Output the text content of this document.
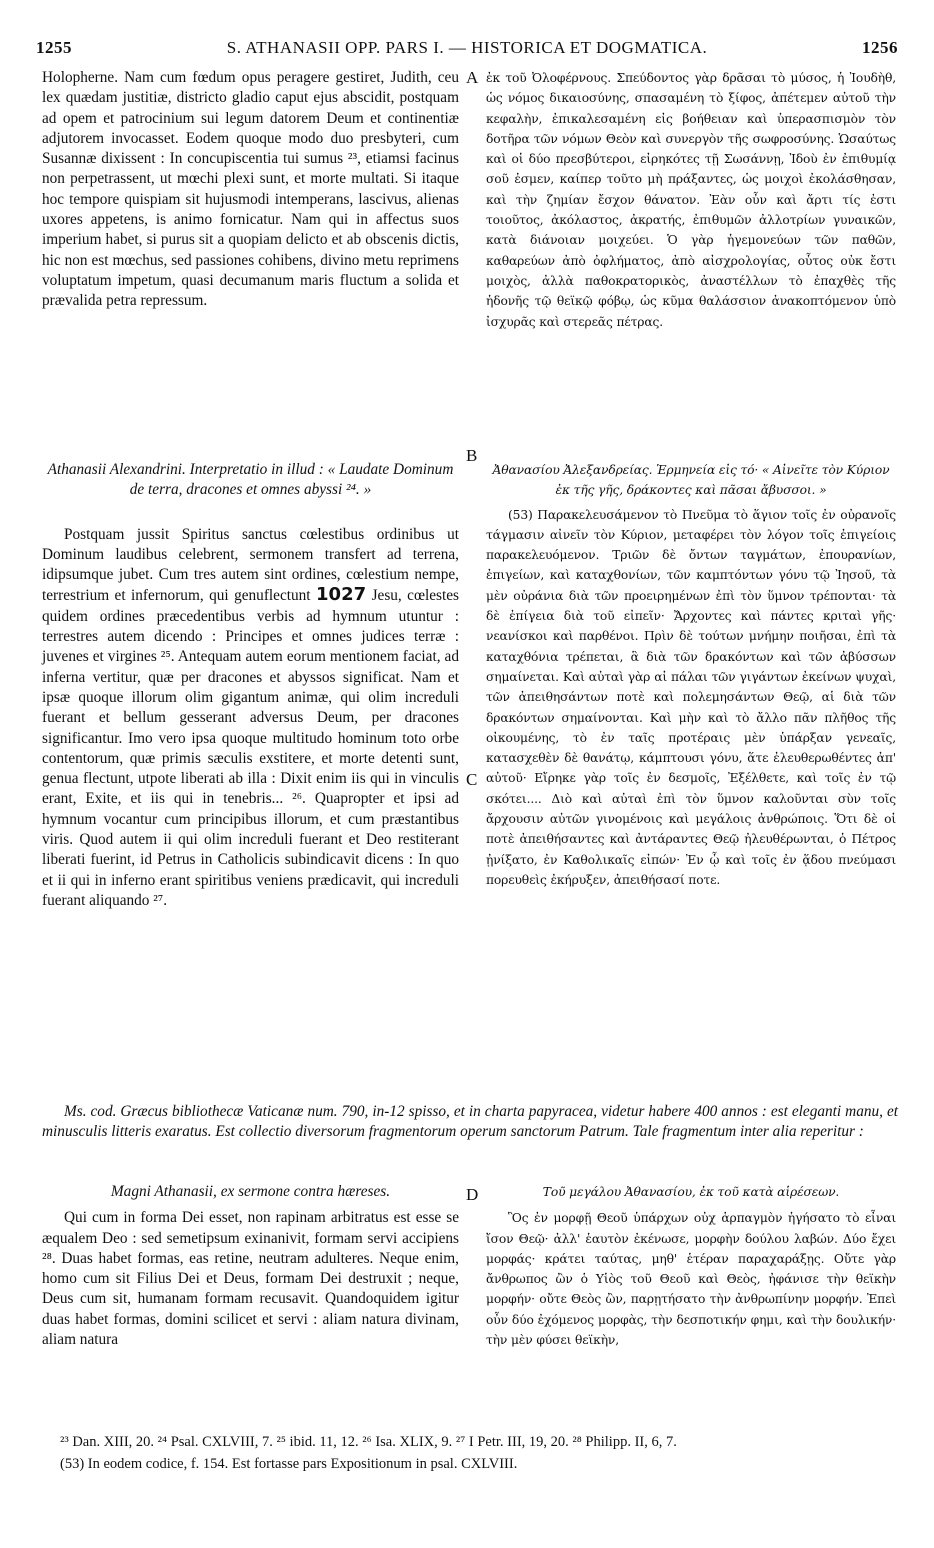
1255	S. ATHANASII OPP. PARS I. — HISTORICA ET DOGMATICA.	1256
A
B
C
D

Holopherne. Nam cum fœdum opus peragere gestiret, Judith, ceu lex quædam justitiæ, districto gladio caput ejus abscidit, postquam ad opem et patrocinium sui legum datorem Deum et continentiæ adjutorem invocasset. Eodem quoque modo duo presbyteri, cum Susannæ dixissent : In concupiscentia tui sumus ²³, etiamsi facinus non perpetrassent, ut mœchi plexi sunt, et morte multati. Si itaque hoc tempore quispiam sit hujusmodi intemperans, lascivus, alienas uxores appetens, is animo fornicatur. Nam qui in affectus suos imperium habet, si purus sit a quopiam delicto et ab obscenis dictis, hic non est mœchus, sed passiones cohibens, divino metu reprimens voluptatum impetum, quasi decumanum maris fluctum a solida et prævalida petra repressum.

ἐκ τοῦ Ὀλοφέρνους. Σπεύδοντος γὰρ δρᾶσαι τὸ μύσος, ἡ Ἰουδὴθ, ὡς νόμος δικαιοσύνης, σπασαμένη τὸ ξίφος, ἀπέτεμεν αὐτοῦ τὴν κεφαλὴν, ἐπικαλεσαμένη εἰς βοήθειαν καὶ ὑπερασπισμὸν τὸν δοτῆρα τῶν νόμων Θεὸν καὶ συνεργὸν τῆς σωφροσύνης. Ὡσαύτως καὶ οἱ δύο πρεσβύτεροι, εἰρηκότες τῇ Σωσάννῃ, Ἰδοὺ ἐν ἐπιθυμίᾳ σοῦ ἐσμεν, καίπερ τοῦτο μὴ πράξαντες, ὡς μοιχοὶ ἐκολάσθησαν, καὶ τὴν ζημίαν ἔσχον θάνατον. Ἐὰν οὖν καὶ ἄρτι τίς ἐστι τοιοῦτος, ἀκόλαστος, ἀκρατής, ἐπιθυμῶν ἀλλοτρίων γυναικῶν, κατὰ διάνοιαν μοιχεύει. Ὁ γὰρ ἡγεμονεύων τῶν παθῶν, καθαρεύων ἀπὸ ὀφλήματος, ἀπὸ αἰσχρολογίας, οὗτος οὐκ ἔστι μοιχὸς, ἀλλὰ παθοκρατορικὸς, ἀναστέλλων τὸ ἐπαχθὲς τῆς ἡδονῆς τῷ θεϊκῷ φόβῳ, ὡς κῦμα θαλάσσιον ἀνακοπτόμενον ὑπὸ ἰσχυρᾶς καὶ στερεᾶς πέτρας.

Athanasii Alexandrini. Interpretatio in illud : « Laudate Dominum de terra, dracones et omnes abyssi ²⁴. »

Postquam jussit Spiritus sanctus cœlestibus ordinibus ut Dominum laudibus celebrent, sermonem transfert ad terrena, idipsumque jubet. Cum tres autem sint ordines, cœlestium nempe, terrestrium et infernorum, qui genuflectunt 1027 Jesu, cœlestes quidem ordines præcedentibus verbis ad hymnum utuntur : terrestres autem dicendo : Principes et omnes judices terræ : juvenes et virgines ²⁵. Antequam autem eorum mentionem faciat, ad inferna vertitur, quæ per dracones et abyssos significat. Nam et ipsæ quoque illorum olim gigantum animæ, qui olim increduli fuerant et bellum gesserant adversus Deum, per dracones significantur. Imo vero ipsa quoque multitudo hominum toto orbe contentorum, quæ primis sæculis exstitere, et morte detenti sunt, genua flectunt, utpote liberati ab illa : Dixit enim iis qui in vinculis erant, Exite, et iis qui in tenebris... ²⁶. Quapropter et ipsi ad hymnum vocantur cum principibus illorum, et cum præstantibus viris. Quod autem ii qui olim increduli fuerant et Deo restiterant liberati fuerint, id Petrus in Catholicis subindicavit dicens : In quo et ii qui in inferno erant spiritibus veniens prædicavit, qui increduli fuerant aliquando ²⁷.

Ἀθανασίου Ἀλεξανδρείας. Ἑρμηνεία εἰς τό· « Αἰνεῖτε τὸν Κύριον ἐκ τῆς γῆς, δράκοντες καὶ πᾶσαι ἄβυσσοι. »

(53) Παρακελευσάμενον τὸ Πνεῦμα τὸ ἅγιον τοῖς ἐν οὐρανοῖς τάγμασιν αἰνεῖν τὸν Κύριον, μεταφέρει τὸν λόγον τοῖς ἐπιγείοις παρακελευόμενον. Τριῶν δὲ ὄντων ταγμάτων, ἐπουρανίων, ἐπιγείων, καὶ καταχθονίων, τῶν καμπτόντων γόνυ τῷ Ἰησοῦ, τὰ μὲν οὐράνια διὰ τῶν προειρημένων ἐπὶ τὸν ὕμνον τρέπονται· τὰ δὲ ἐπίγεια διὰ τοῦ εἰπεῖν· Ἄρχοντες καὶ πάντες κριταὶ γῆς· νεανίσκοι καὶ παρθένοι. Πρὶν δὲ τούτων μνήμην ποιῆσαι, ἐπὶ τὰ καταχθόνια τρέπεται, ἃ διὰ τῶν δρακόντων καὶ τῶν ἀβύσσων σημαίνεται. Καὶ αὐταὶ γὰρ αἱ πάλαι τῶν γιγάντων ἐκείνων ψυχαὶ, τῶν ἀπειθησάντων ποτὲ καὶ πολεμησάντων Θεῷ, αἱ διὰ τῶν δρακόντων σημαίνονται. Καὶ μὴν καὶ τὸ ἄλλο πᾶν πλῆθος τῆς οἰκουμένης, τὸ ἐν ταῖς προτέραις μὲν ὑπάρξαν γενεαῖς, κατασχεθὲν δὲ θανάτῳ, κάμπτουσι γόνυ, ἅτε ἐλευθερωθέντες ἀπ' αὐτοῦ· Εἴρηκε γὰρ τοῖς ἐν δεσμοῖς, Ἐξέλθετε, καὶ τοῖς ἐν τῷ σκότει.... Διὸ καὶ αὐταὶ ἐπὶ τὸν ὕμνον καλοῦνται σὺν τοῖς ἄρχουσιν αὐτῶν γινομένοις καὶ μεγάλοις ἀνθρώποις. Ὅτι δὲ οἱ ποτὲ ἀπειθήσαντες καὶ ἀντάραντες Θεῷ ἠλευθέρωνται, ὁ Πέτρος ᾐνίξατο, ἐν Καθολικαῖς εἰπών· Ἐν ᾧ καὶ τοῖς ἐν ᾅδου πνεύμασι πορευθεὶς ἐκήρυξεν, ἀπειθήσασί ποτε.

Ms. cod. Græcus bibliothecæ Vaticanæ num. 790, in-12 spisso, et in charta papyracea, videtur habere 400 annos : est eleganti manu, et minusculis litteris exaratus. Est collectio diversorum fragmentorum operum sanctorum Patrum. Tale fragmentum inter alia reperitur :

Magni Athanasii, ex sermone contra hæreses.

Qui cum in forma Dei esset, non rapinam arbitratus est esse se æqualem Deo : sed semetipsum exinanivit, formam servi accipiens ²⁸. Duas habet formas, eas retine, neutram adulteres. Neque enim, homo cum sit Filius Dei et Deus, formam Dei destruxit ; neque, Deus cum sit, humanam formam recusavit. Quandoquidem igitur duas habet formas, domini scilicet et servi : aliam natura divinam, aliam natura

Τοῦ μεγάλου Ἀθανασίου, ἐκ τοῦ κατὰ αἱρέσεων.

Ὃς ἐν μορφῇ Θεοῦ ὑπάρχων οὐχ ἁρπαγμὸν ἡγήσατο τὸ εἶναι ἴσον Θεῷ· ἀλλ' ἑαυτὸν ἐκένωσε, μορφὴν δούλου λαβών. Δύο ἔχει μορφάς· κράτει ταύτας, μηθ' ἑτέραν παραχαράξῃς. Οὔτε γὰρ ἄνθρωπος ὢν ὁ Υἱὸς τοῦ Θεοῦ καὶ Θεὸς, ἠφάνισε τὴν θεϊκὴν μορφήν· οὔτε Θεὸς ὢν, παρῃτήσατο τὴν ἀνθρωπίνην μορφήν. Ἐπεὶ οὖν δύο ἐχόμενος μορφὰς, τὴν δεσποτικήν φημι, καὶ τὴν δουλικήν· τὴν μὲν φύσει θεϊκὴν,

²³ Dan. XIII, 20. ²⁴ Psal. CXLVIII, 7. ²⁵ ibid. 11, 12. ²⁶ Isa. XLIX, 9. ²⁷ I Petr. III, 19, 20. ²⁸ Philipp. II, 6, 7.

(53) In eodem codice, f. 154. Est fortasse pars Expositionum in psal. CXLVIII.
